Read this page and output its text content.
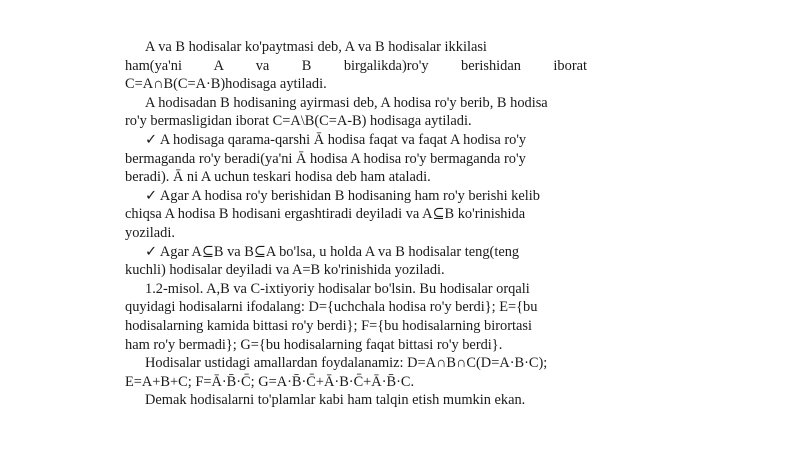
A va B hodisalar ko'paytmasi deb, A va B hodisalar ikkilasi
ham(ya'ni A va B birgalikda)ro'y berishidan iborat
C=A∩B(C=A·B)hodisaga aytiladi.
A hodisadan B hodisaning ayirmasi deb, A hodisa ro'y berib, B hodisa
ro'y bermasligidan iborat C=A\B(C=A-B) hodisaga aytiladi.
✓ A hodisaga qarama-qarshi Ā hodisa faqat va faqat A hodisa ro'y
bermaganda ro'y beradi(ya'ni Ā hodisa A hodisa ro'y bermaganda ro'y
beradi). Ā ni A uchun teskari hodisa deb ham ataladi.
✓ Agar A hodisa ro'y berishidan B hodisaning ham ro'y berishi kelib
chiqsa A hodisa B hodisani ergashtiradi deyiladi va A⊆B ko'rinishida
yoziladi.
✓ Agar A⊆B va B⊆A bo'lsa, u holda A va B hodisalar teng(teng
kuchli) hodisalar deyiladi va A=B ko'rinishida yoziladi.
1.2-misol. A,B va C-ixtiyoriy hodisalar bo'lsin. Bu hodisalar orqali
quyidagi hodisalarni ifodalang: D={uchchala hodisa ro'y berdi}; E={bu
hodisalarning kamida bittasi ro'y berdi}; F={bu hodisalarning birortasi
ham ro'y bermadi}; G={bu hodisalarning faqat bittasi ro'y berdi}.
Hodisalar ustidagi amallardan foydalanamiz: D=A∩B∩C(D=A·B·C);
E=A+B+C; F=Ā·B̄·C̄; G=A·B̄·C̄+Ā·B·C̄+Ā·B̄·C.
Demak hodisalarni to'plamlar kabi ham talqin etish mumkin ekan.
